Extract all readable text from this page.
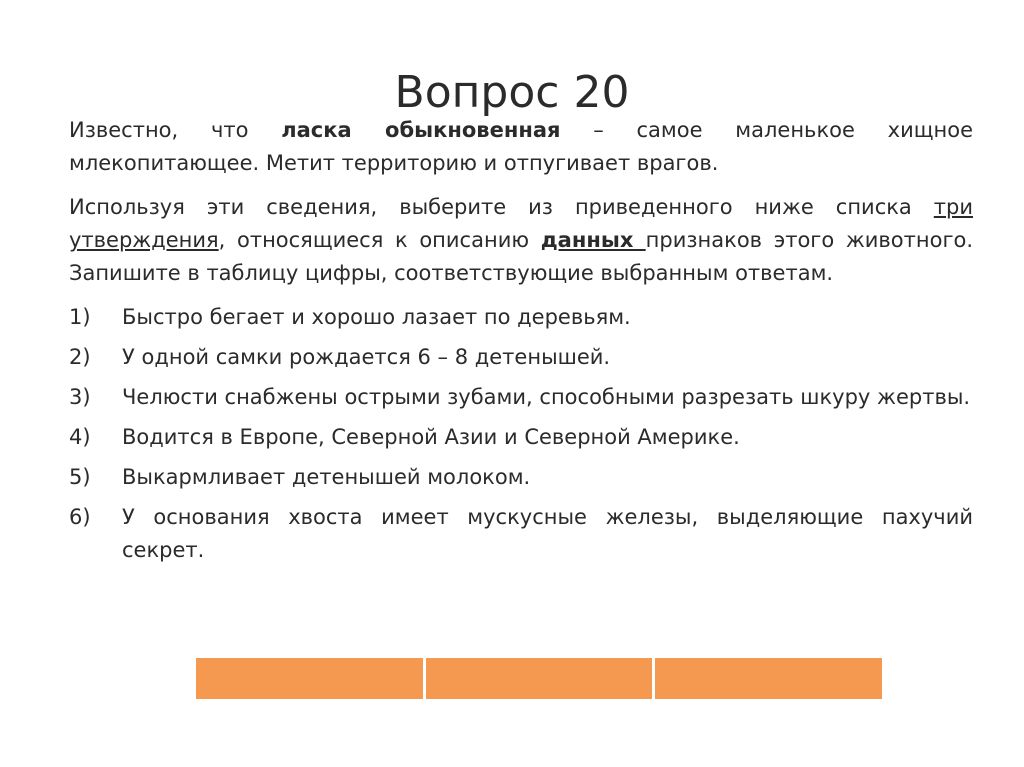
Вопрос 20

Известно, что ласка обыкновенная – самое маленькое хищное млекопитающее. Метит территорию и отпугивает врагов.

Используя эти сведения, выберите из приведенного ниже списка три утверждения, относящиеся к описанию данных признаков этого животного. Запишите в таблицу цифры, соответствующие выбранным ответам.

1)	Быстро бегает и хорошо лазает по деревьям.
2)	У одной самки рождается 6 – 8 детенышей.
3)	Челюсти снабжены острыми зубами, способными разрезать шкуру жертвы.
4)	Водится в Европе, Северной Азии и Северной Америке.
5)	Выкармливает детенышей молоком.
6)	У основания хвоста имеет мускусные железы, выделяющие пахучий секрет.
